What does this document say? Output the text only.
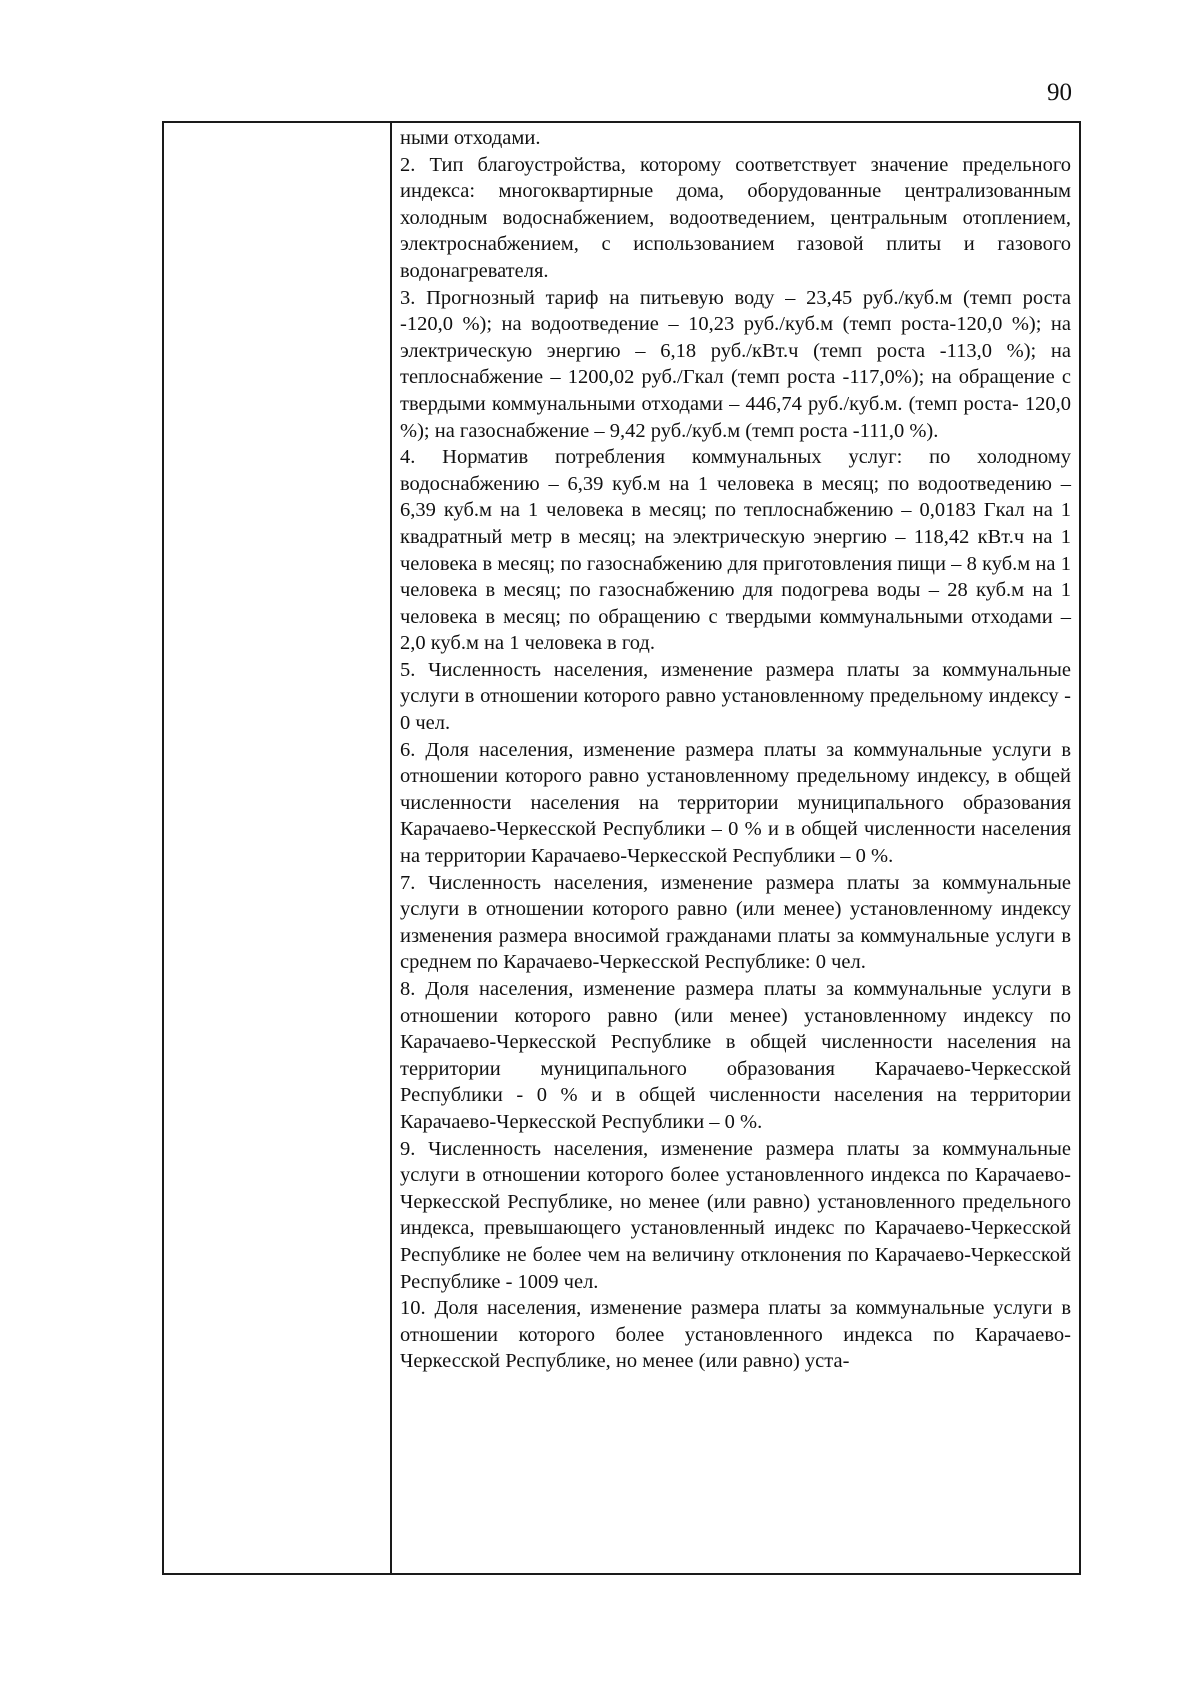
90

ными отходами.

2. Тип благоустройства, которому соответствует значение предельного индекса: многоквартирные дома, оборудованные централизованным холодным водоснабжением, водоотведением, центральным отоплением, электроснабжением, с использованием газовой плиты и газового водонагревателя.

3. Прогнозный тариф на питьевую воду – 23,45 руб./куб.м (темп роста -120,0 %); на водоотведение – 10,23 руб./куб.м (темп роста-120,0 %); на электрическую энергию – 6,18 руб./кВт.ч (темп роста -113,0 %); на теплоснабжение – 1200,02 руб./Гкал (темп роста -117,0%); на обращение с твердыми коммунальными отходами – 446,74 руб./куб.м. (темп роста- 120,0 %); на газоснабжение – 9,42 руб./куб.м (темп роста -111,0 %).

4. Норматив потребления коммунальных услуг: по холодному водоснабжению – 6,39 куб.м на 1 человека в месяц; по водоотведению – 6,39 куб.м на 1 человека в месяц; по теплоснабжению – 0,0183 Гкал на 1 квадратный метр в месяц; на электрическую энергию – 118,42 кВт.ч на 1 человека в месяц; по газоснабжению для приготовления пищи – 8 куб.м на 1 человека в месяц; по газоснабжению для подогрева воды – 28 куб.м на 1 человека в месяц; по обращению с твердыми коммунальными отходами – 2,0 куб.м на 1 человека в год.

5. Численность населения, изменение размера платы за коммунальные услуги в отношении которого равно установленному предельному индексу - 0 чел.

6. Доля населения, изменение размера платы за коммунальные услуги в отношении которого равно установленному предельному индексу, в общей численности населения на территории муниципального образования Карачаево-Черкесской Республики – 0 % и в общей численности населения на территории Карачаево-Черкесской Республики – 0 %.

7. Численность населения, изменение размера платы за коммунальные услуги в отношении которого равно (или менее) установленному индексу изменения размера вносимой гражданами платы за коммунальные услуги в среднем по Карачаево-Черкесской Республике: 0 чел.

8. Доля населения, изменение размера платы за коммунальные услуги в отношении которого равно (или менее) установленному индексу по Карачаево-Черкесской Республике в общей численности населения на территории муниципального образования Карачаево-Черкесской Республики - 0 % и в общей численности населения на территории Карачаево-Черкесской Республики – 0 %.

9. Численность населения, изменение размера платы за коммунальные услуги в отношении которого более установленного индекса по Карачаево-Черкесской Республике, но менее (или равно) установленного предельного индекса, превышающего установленный индекс по Карачаево-Черкесской Республике не более чем на величину отклонения по Карачаево-Черкесской Республике - 1009 чел.

10. Доля населения, изменение размера платы за коммунальные услуги в отношении которого более установленного индекса по Карачаево-Черкесской Республике, но менее (или равно) уста-
